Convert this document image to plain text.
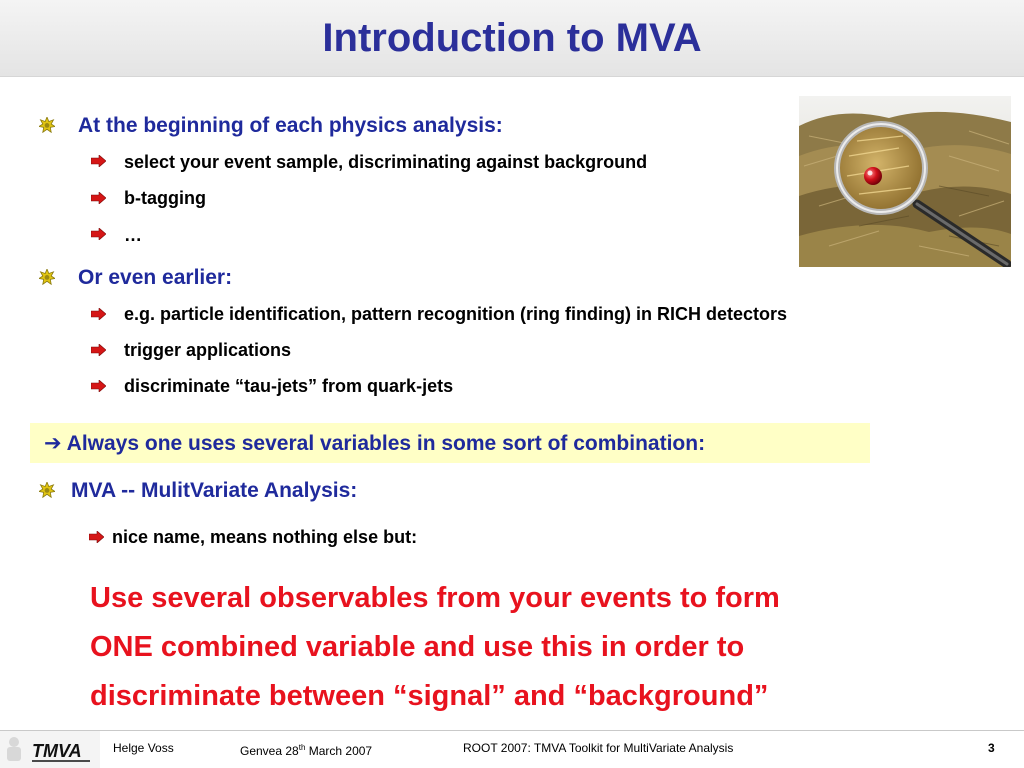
Introduction to MVA
At the beginning of each physics analysis:
select your event sample, discriminating against background
b-tagging
…
Or even earlier:
e.g. particle identification, pattern recognition (ring finding) in RICH detectors
trigger applications
discriminate “tau-jets” from quark-jets
➔ Always one uses several variables in some sort of combination:
MVA -- MulitVariate Analysis:
nice name, means nothing else but:
Use several observables from your events to form
ONE combined variable and use this in order to
discriminate between “signal” and “background”
TMVA	Helge Voss	Genvea 28th March 2007	ROOT 2007: TMVA Toolkit for MultiVariate Analysis	3
